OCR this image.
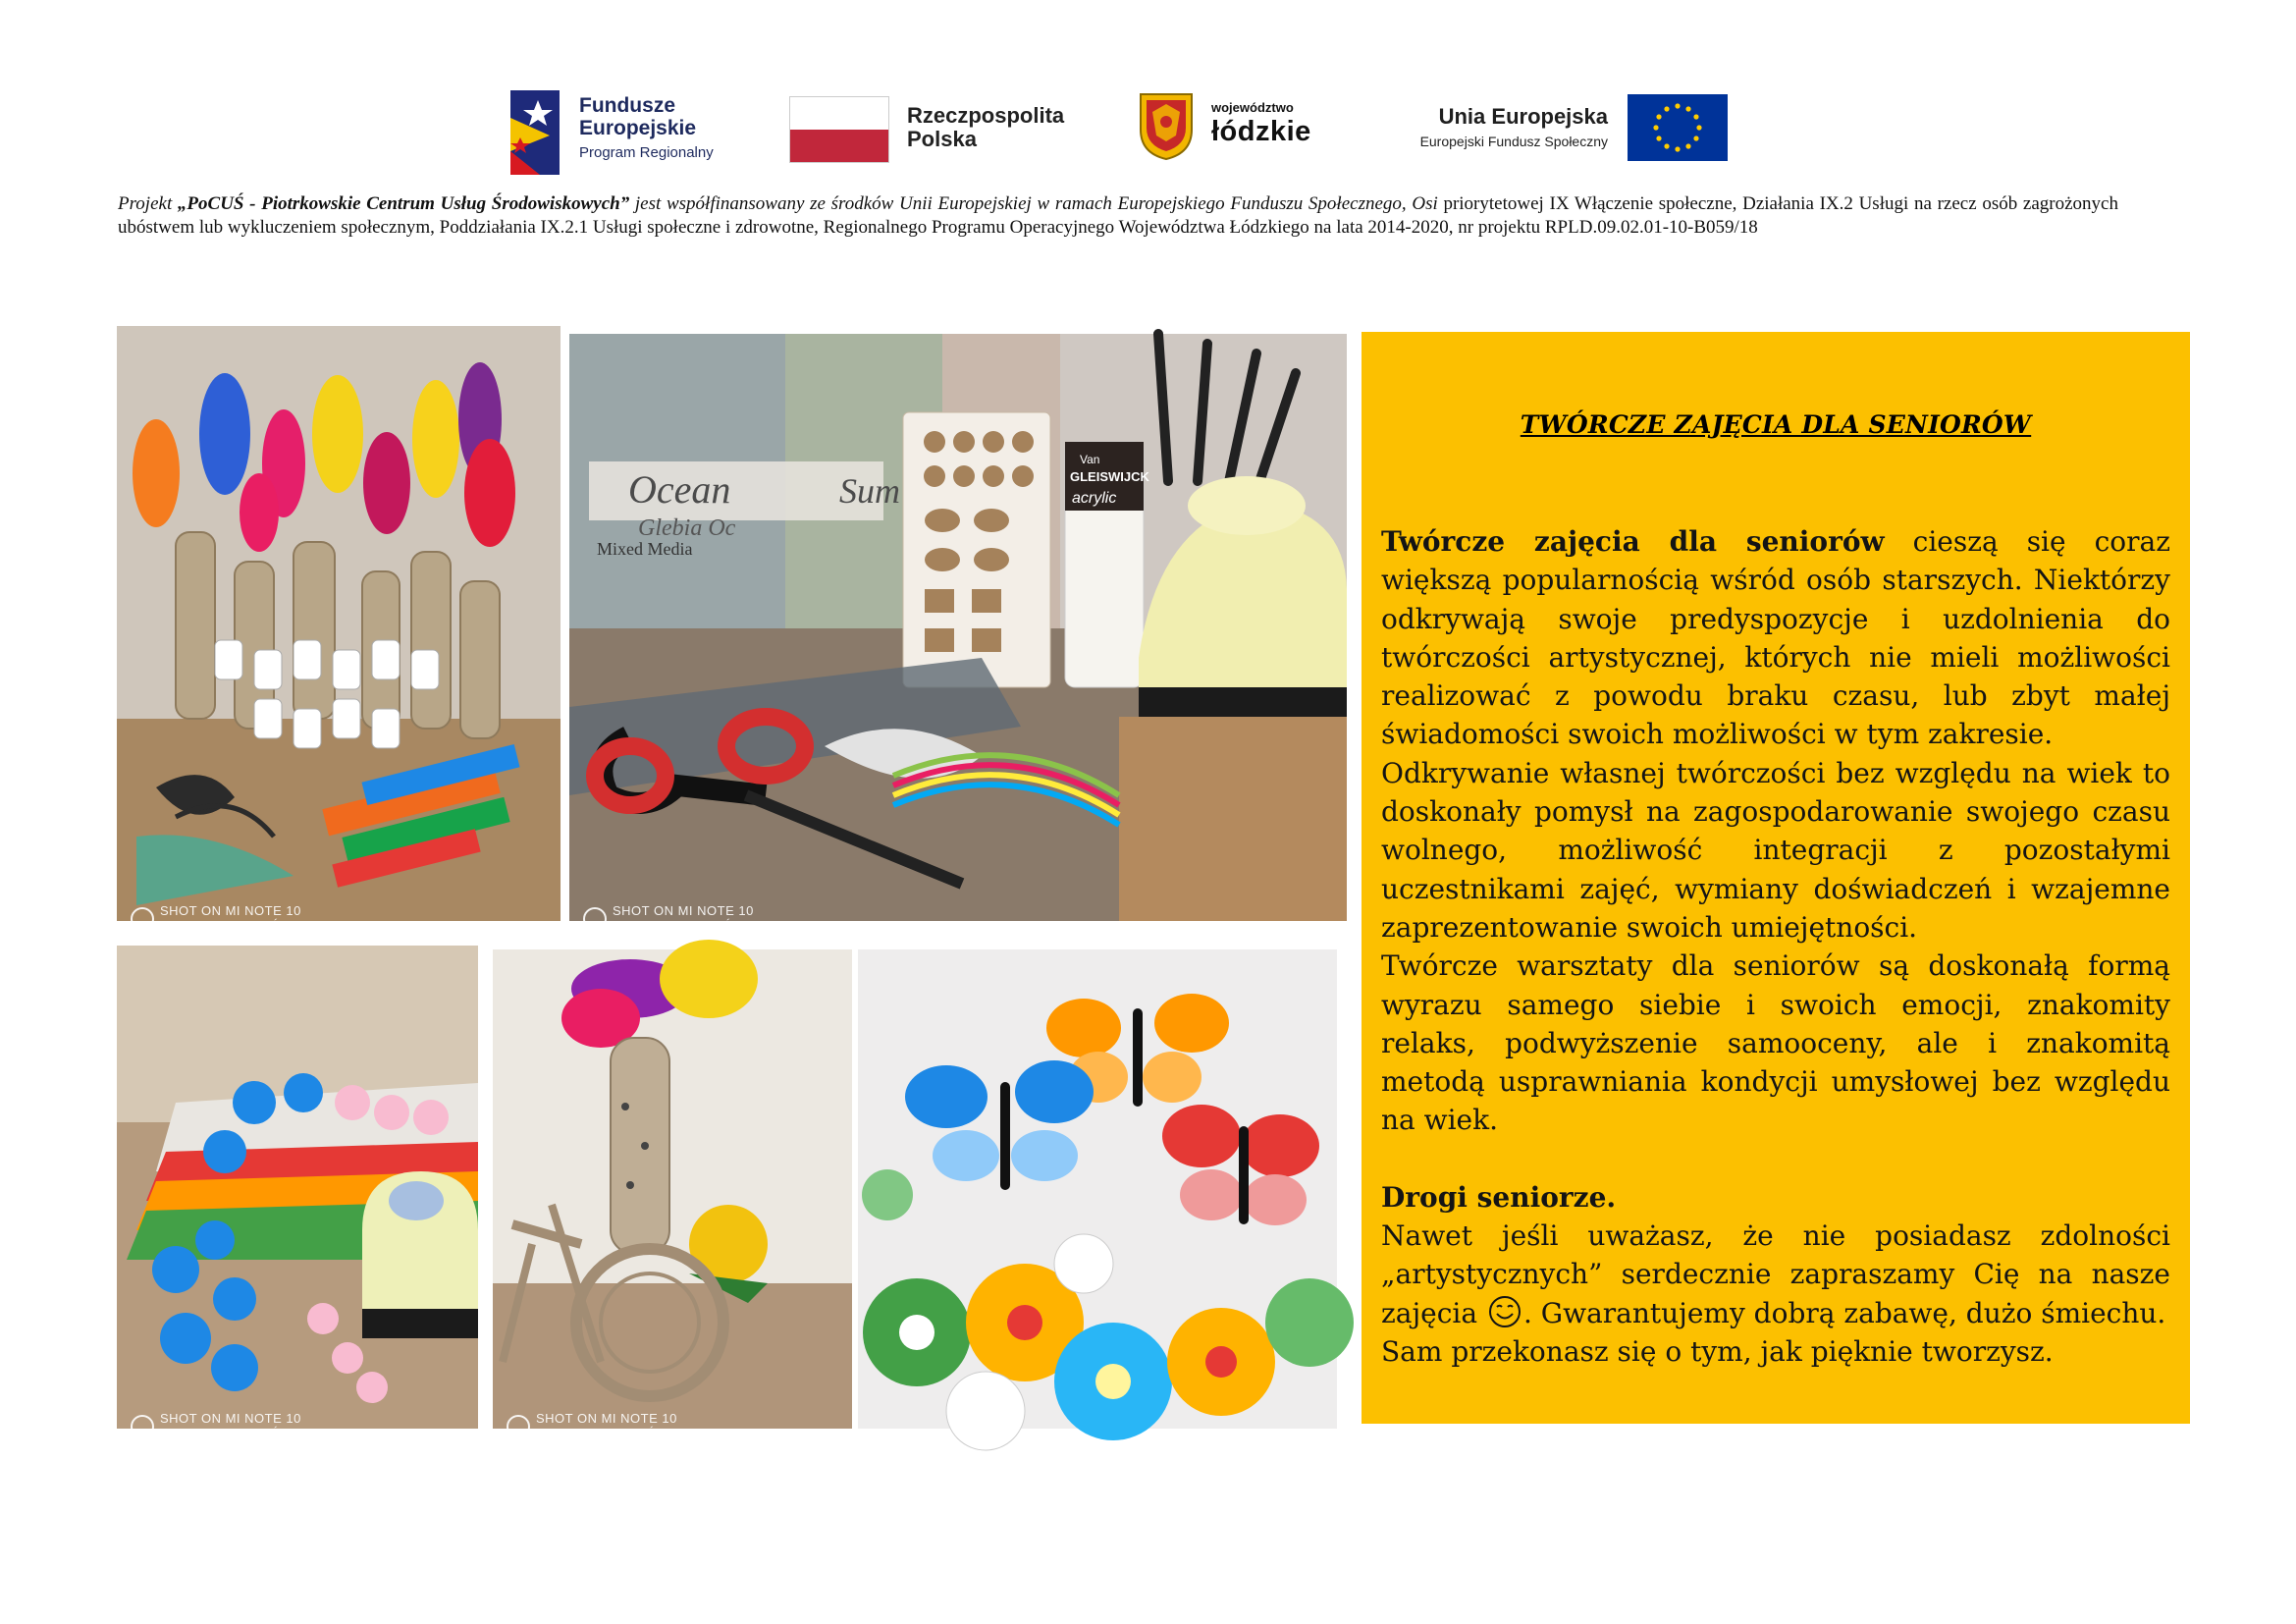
Fundusze
Europejskie
Program Regionalny
Rzeczpospolita
Polska
województwo
łódzkie	Unia Europejska
Europejski Fundusz Społeczny
Projekt „PoCUŚ - Piotrkowskie Centrum Usług Środowiskowych” jest współfinansowany ze środków Unii Europejskiej w ramach Europejskiego Funduszu Społecznego, Osi priorytetowej IX Włączenie społeczne, Działania IX.2 Usługi na rzecz osób zagrożonych ubóstwem lub wykluczeniem społecznym, Poddziałania IX.2.1 Usługi społeczne i zdrowotne, Regionalnego Programu Operacyjnego Województwa Łódzkiego na lata 2014-2020, nr projektu RPLD.09.02.01-10-B059/18
SHOT ON MI NOTE 10
MARZENA DUDZIŃSKA
Ocean
Glebia Oc
Mixed Media
Sum
Van
GLEISWIJCK
acrylic
SHOT ON MI NOTE 10
MARZENA DUDZIŃSKA
SHOT ON MI NOTE 10
MARZENA DUDZIŃSKA
SHOT ON MI NOTE 10
MARZENA DUDZIŃSKA
TWÓRCZE ZAJĘCIA DLA SENIORÓW

Twórcze zajęcia dla seniorów cieszą się coraz większą popularnością wśród osób starszych. Niektórzy odkrywają swoje predyspozycje i uzdolnienia do twórczości artystycznej, których nie mieli możliwości realizować z powodu braku czasu, lub zbyt małej świadomości swoich możliwości w tym zakresie.

Odkrywanie własnej twórczości bez względu na wiek to doskonały pomysł na zagospodarowanie swojego czasu wolnego, możliwość integracji z pozostałymi uczestnikami zajęć, wymiany doświadczeń i wzajemne zaprezentowanie swoich umiejętności.

Twórcze warsztaty dla seniorów są doskonałą formą wyrazu samego siebie i swoich emocji, znakomity relaks, podwyższenie samooceny, ale i znakomitą metodą usprawniania kondycji umysłowej bez względu na wiek.

Drogi seniorze.

Nawet jeśli uważasz, że nie posiadasz zdolności „artystycznych” serdecznie zapraszamy Cię na nasze zajęcia . Gwarantujemy dobrą zabawę, dużo śmiechu.

Sam przekonasz się o tym, jak pięknie tworzysz.
